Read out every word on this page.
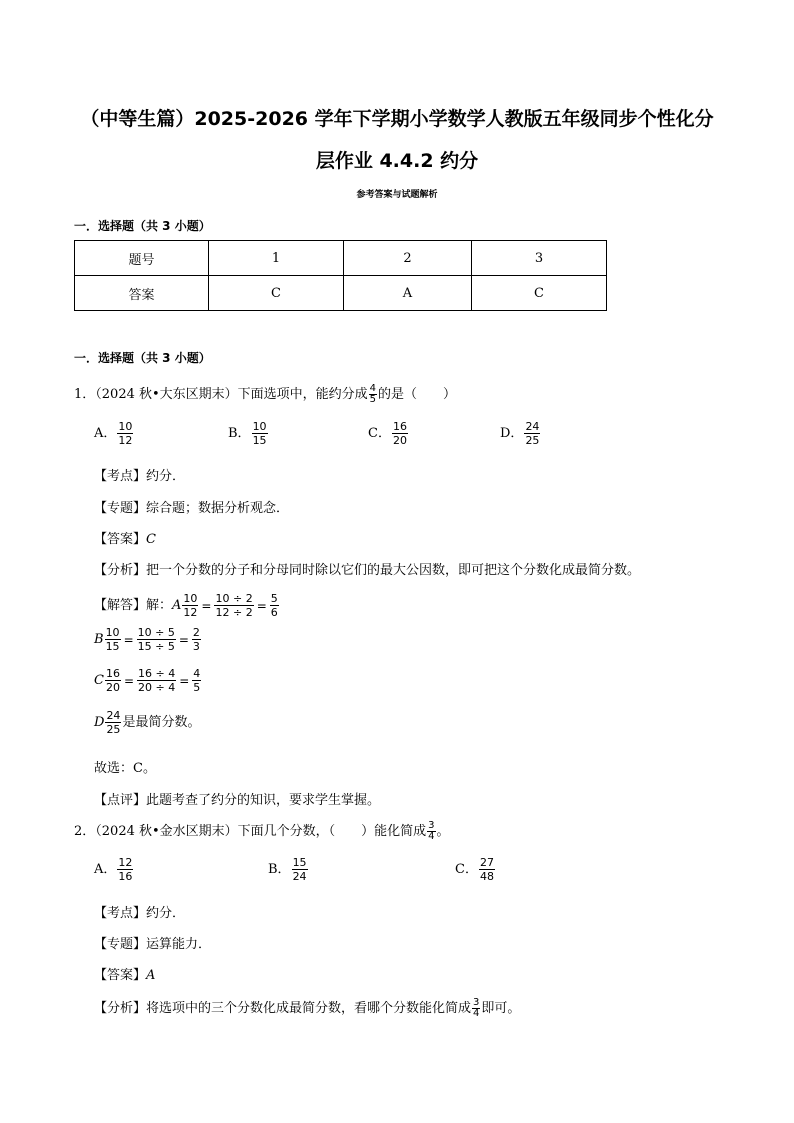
（中等生篇）2025-2026 学年下学期小学数学人教版五年级同步个性化分
层作业 4.4.2 约分
参考答案与试题解析
一．选择题（共 3 小题）
题号	1	2	3
答案	C	A	C
一．选择题（共 3 小题）
1．（2024 秋•大东区期末）下面选项中，能约分成 $\frac{4}{5}$ 的是（　　）
A． $\frac{10}{12}$	B． $\frac{10}{15}$	C． $\frac{16}{20}$	D． $\frac{24}{25}$
【考点】约分．
【专题】综合题；数据分析观念．
【答案】C
【分析】把一个分数的分子和分母同时除以它们的最大公因数，即可把这个分数化成最简分数。
【解答】解：A $\frac{10}{12} = \frac{10 \div 2}{12 \div 2} = \frac{5}{6}$
B $\frac{10}{15} = \frac{10 \div 5}{15 \div 5} = \frac{2}{3}$
C $\frac{16}{20} = \frac{16 \div 4}{20 \div 4} = \frac{4}{5}$
D $\frac{24}{25}$ 是最简分数。
故选：C。
【点评】此题考查了约分的知识，要求学生掌握。
2．（2024 秋•金水区期末）下面几个分数，（　　）能化简成 $\frac{3}{4}$ 。
A． $\frac{12}{16}$	B． $\frac{15}{24}$	C． $\frac{27}{48}$
【考点】约分．
【专题】运算能力．
【答案】A
【分析】将选项中的三个分数化成最简分数，看哪个分数能化简成 $\frac{3}{4}$ 即可。
